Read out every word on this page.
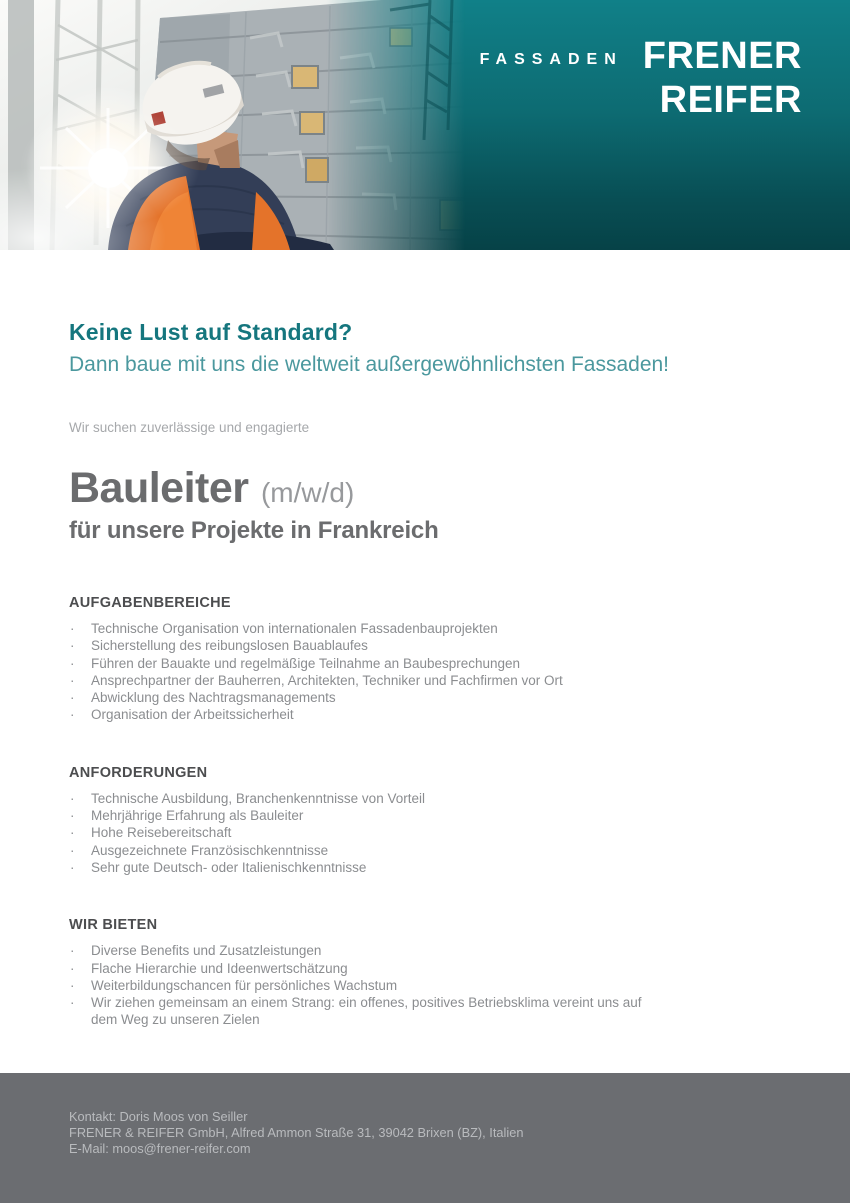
FASSADEN FRENER
REIFER
Keine Lust auf Standard?
Dann baue mit uns die weltweit außergewöhnlichsten Fassaden!
Wir suchen zuverlässige und engagierte
Bauleiter (m/w/d)
für unsere Projekte in Frankreich
AUFGABENBEREICHE
· Technische Organisation von internationalen Fassadenbauprojekten
· Sicherstellung des reibungslosen Bauablaufes
· Führen der Bauakte und regelmäßige Teilnahme an Baubesprechungen
· Ansprechpartner der Bauherren, Architekten, Techniker und Fachfirmen vor Ort
· Abwicklung des Nachtragsmanagements
· Organisation der Arbeitssicherheit
ANFORDERUNGEN
· Technische Ausbildung, Branchenkenntnisse von Vorteil
· Mehrjährige Erfahrung als Bauleiter
· Hohe Reisebereitschaft
· Ausgezeichnete Französischkenntnisse
· Sehr gute Deutsch- oder Italienischkenntnisse
WIR BIETEN
· Diverse Benefits und Zusatzleistungen
· Flache Hierarchie und Ideenwertschätzung
· Weiterbildungschancen für persönliches Wachstum
· Wir ziehen gemeinsam an einem Strang: ein offenes, positives Betriebsklima vereint uns auf dem Weg zu unseren Zielen
Kontakt: Doris Moos von Seiller
FRENER & REIFER GmbH, Alfred Ammon Straße 31, 39042 Brixen (BZ), Italien
E-Mail: moos@frener-reifer.com
